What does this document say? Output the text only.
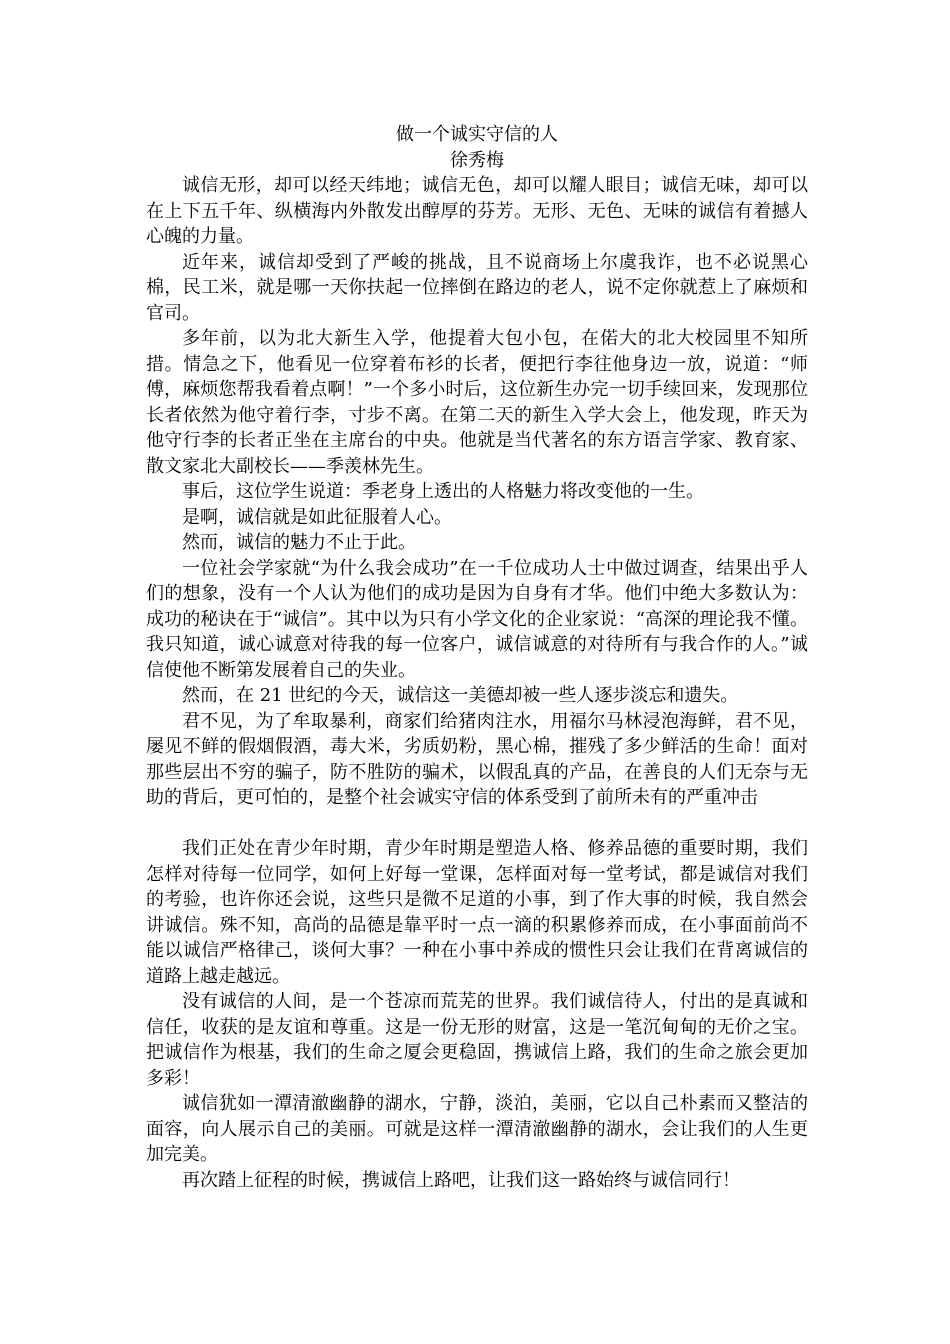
做一个诚实守信的人
徐秀梅

诚信无形，却可以经天纬地；诚信无色，却可以耀人眼目；诚信无味，却可以在上下五千年、纵横海内外散发出醇厚的芬芳。无形、无色、无味的诚信有着撼人心魄的力量。

近年来，诚信却受到了严峻的挑战，且不说商场上尔虞我诈，也不必说黑心棉，民工米，就是哪一天你扶起一位摔倒在路边的老人，说不定你就惹上了麻烦和官司。

多年前，以为北大新生入学，他提着大包小包，在偌大的北大校园里不知所措。情急之下，他看见一位穿着布衫的长者，便把行李往他身边一放，说道：“师傅，麻烦您帮我看着点啊！”一个多小时后，这位新生办完一切手续回来，发现那位长者依然为他守着行李，寸步不离。在第二天的新生入学大会上，他发现，昨天为他守行李的长者正坐在主席台的中央。他就是当代著名的东方语言学家、教育家、散文家北大副校长——季羡林先生。

事后，这位学生说道：季老身上透出的人格魅力将改变他的一生。

是啊，诚信就是如此征服着人心。

然而，诚信的魅力不止于此。

一位社会学家就“为什么我会成功”在一千位成功人士中做过调查，结果出乎人们的想象，没有一个人认为他们的成功是因为自身有才华。他们中绝大多数认为：成功的秘诀在于“诚信”。其中以为只有小学文化的企业家说：“高深的理论我不懂。我只知道，诚心诚意对待我的每一位客户，诚信诚意的对待所有与我合作的人。”诚信使他不断第发展着自己的失业。

然而，在 21 世纪的今天，诚信这一美德却被一些人逐步淡忘和遗失。

君不见，为了牟取暴利，商家们给猪肉注水，用福尔马林浸泡海鲜，君不见，屡见不鲜的假烟假酒，毒大米，劣质奶粉，黑心棉，摧残了多少鲜活的生命！面对那些层出不穷的骗子，防不胜防的骗术，以假乱真的产品，在善良的人们无奈与无助的背后，更可怕的，是整个社会诚实守信的体系受到了前所未有的严重冲击

我们正处在青少年时期，青少年时期是塑造人格、修养品德的重要时期，我们怎样对待每一位同学，如何上好每一堂课，怎样面对每一堂考试，都是诚信对我们的考验，也许你还会说，这些只是微不足道的小事，到了作大事的时候，我自然会讲诚信。殊不知，高尚的品德是靠平时一点一滴的积累修养而成，在小事面前尚不能以诚信严格律己，谈何大事？一种在小事中养成的惯性只会让我们在背离诚信的道路上越走越远。

没有诚信的人间，是一个苍凉而荒芜的世界。我们诚信待人，付出的是真诚和信任，收获的是友谊和尊重。这是一份无形的财富，这是一笔沉甸甸的无价之宝。把诚信作为根基，我们的生命之厦会更稳固，携诚信上路，我们的生命之旅会更加多彩！

诚信犹如一潭清澈幽静的湖水，宁静，淡泊，美丽，它以自己朴素而又整洁的面容，向人展示自己的美丽。可就是这样一潭清澈幽静的湖水，会让我们的人生更加完美。

再次踏上征程的时候，携诚信上路吧，让我们这一路始终与诚信同行！
